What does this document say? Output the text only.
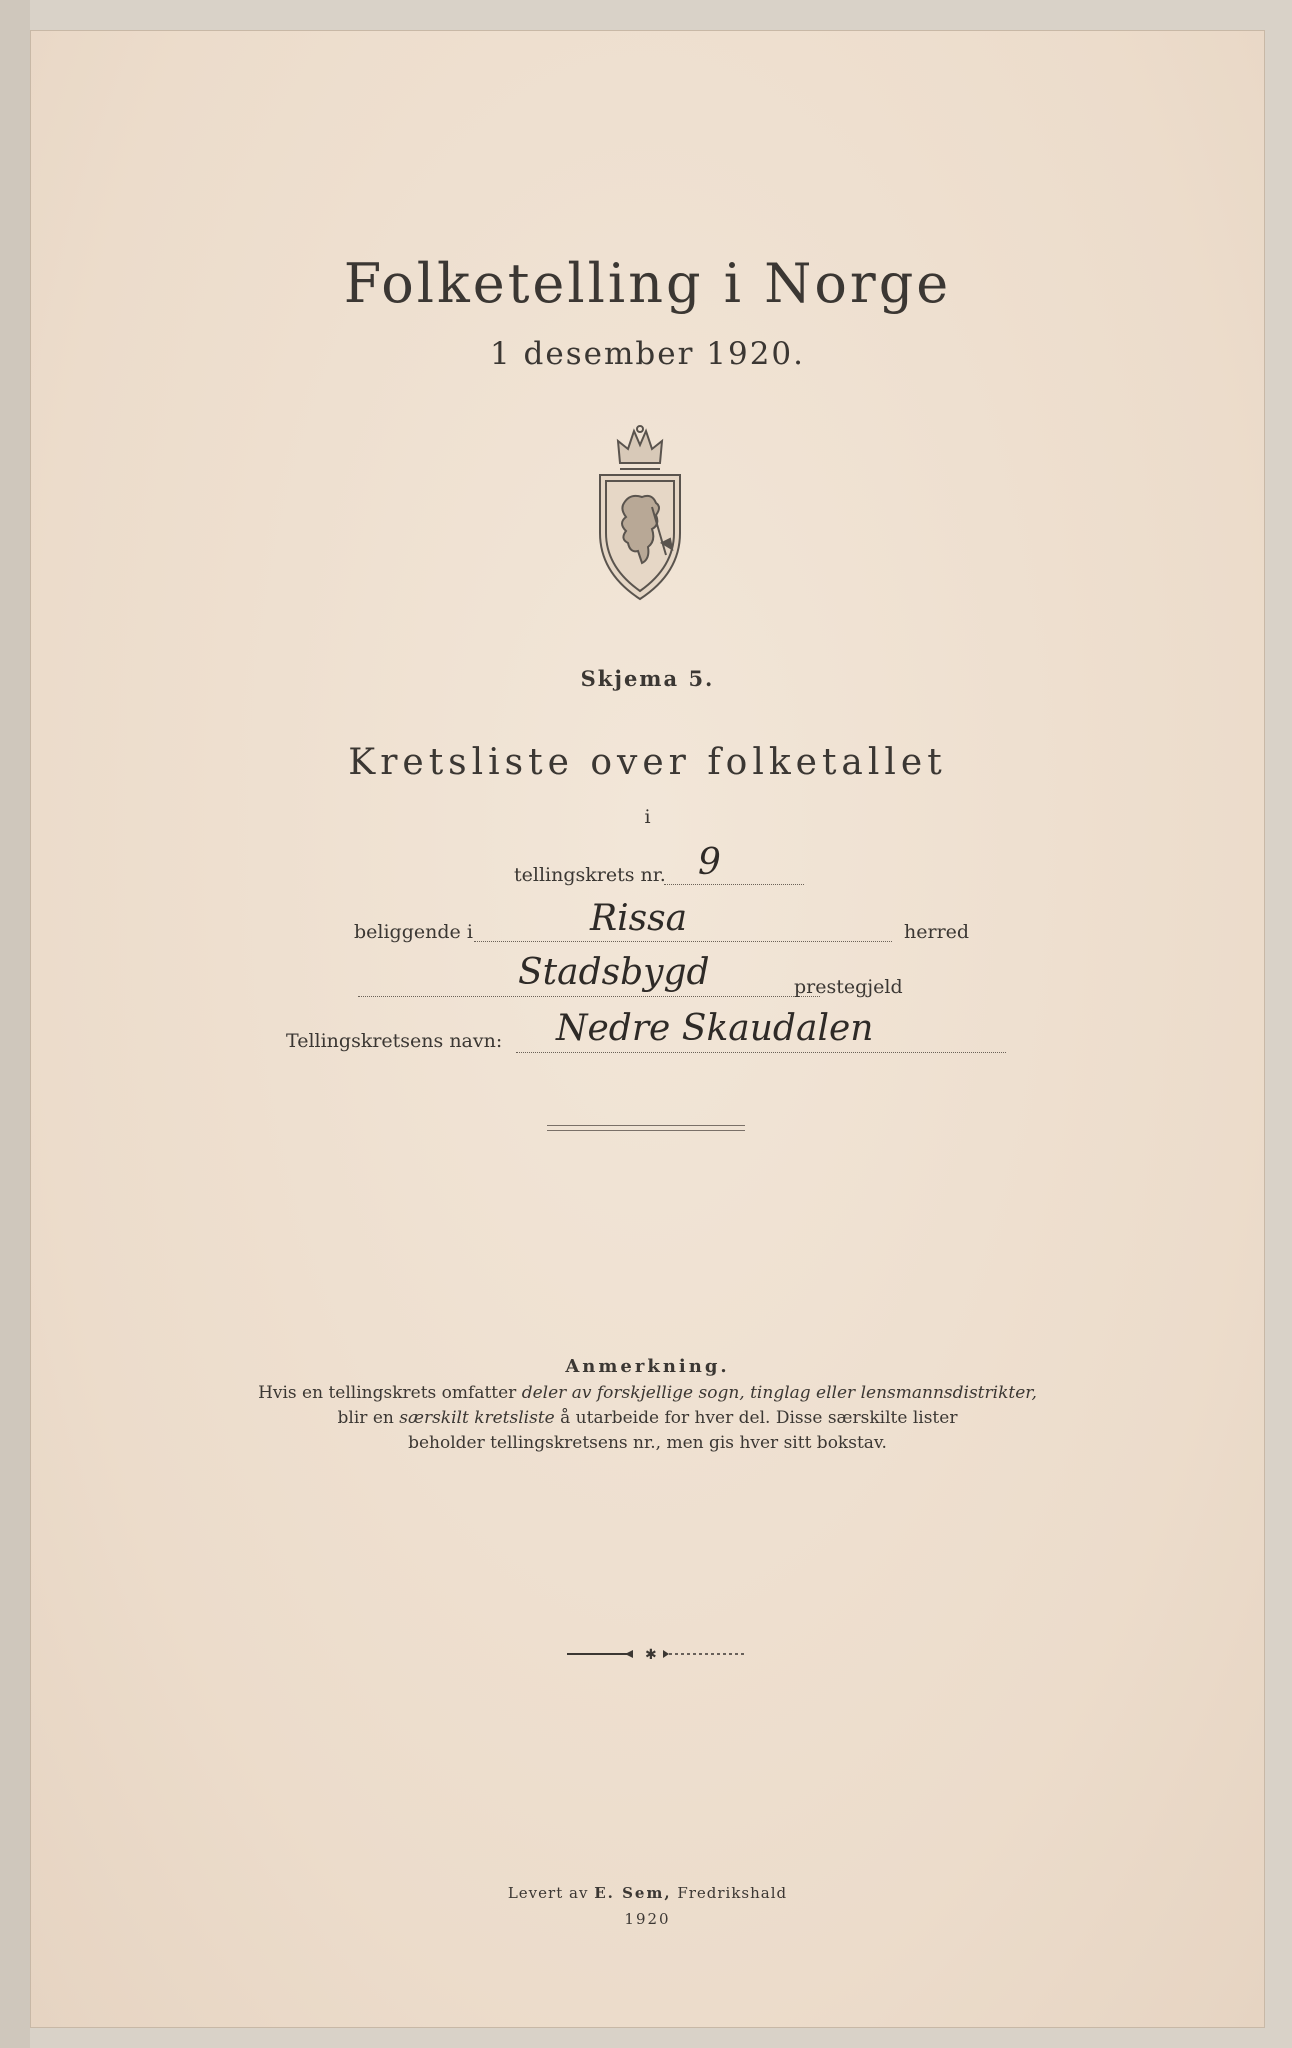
Folketelling i Norge
1 desember 1920.
Skjema 5.
Kretsliste over folketallet
i
tellingskrets nr. 9
beliggende i	Rissa	herred
Stadsbygd	prestegjeld
Tellingskretsens navn: Nedre Skaudalen
Anmerkning.
Hvis en tellingskrets omfatter deler av forskjellige sogn, tinglag eller lensmannsdistrikter,
blir en særskilt kretsliste å utarbeide for hver del. Disse særskilte lister
beholder tellingskretsens nr., men gis hver sitt bokstav.
✱
Levert av E. Sem, Fredrikshald
1920
